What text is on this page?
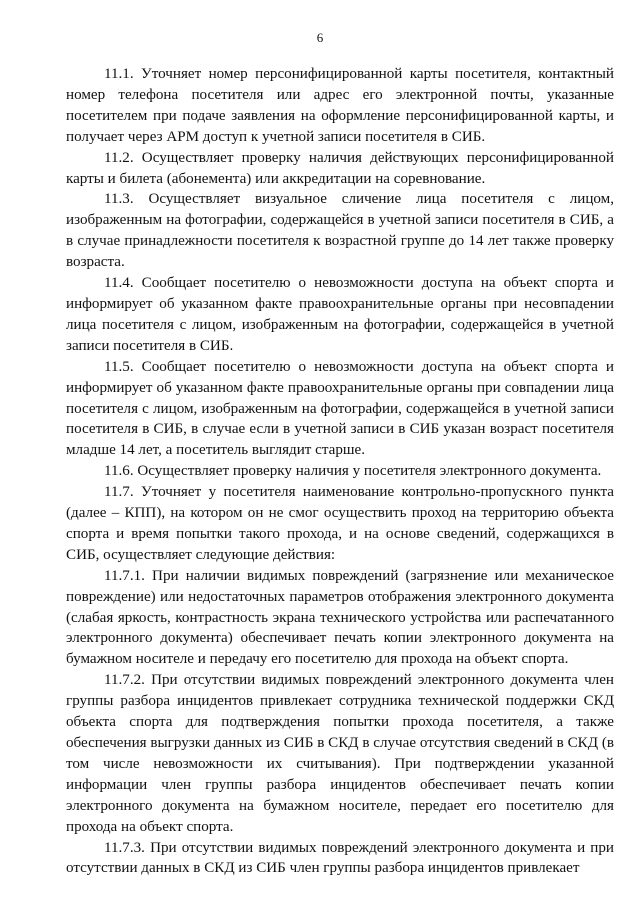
6

11.1. Уточняет номер персонифицированной карты посетителя, контактный номер телефона посетителя или адрес его электронной почты, указанные посетителем при подаче заявления на оформление персонифицированной карты, и получает через АРМ доступ к учетной записи посетителя в СИБ.

11.2. Осуществляет проверку наличия действующих персонифицированной карты и билета (абонемента) или аккредитации на соревнование.

11.3. Осуществляет визуальное сличение лица посетителя с лицом, изображенным на фотографии, содержащейся в учетной записи посетителя в СИБ, а в случае принадлежности посетителя к возрастной группе до 14 лет также проверку возраста.

11.4. Сообщает посетителю о невозможности доступа на объект спорта и информирует об указанном факте правоохранительные органы при несовпадении лица посетителя с лицом, изображенным на фотографии, содержащейся в учетной записи посетителя в СИБ.

11.5. Сообщает посетителю о невозможности доступа на объект спорта и информирует об указанном факте правоохранительные органы при совпадении лица посетителя с лицом, изображенным на фотографии, содержащейся в учетной записи посетителя в СИБ, в случае если в учетной записи в СИБ указан возраст посетителя младше 14 лет, а посетитель выглядит старше.

11.6. Осуществляет проверку наличия у посетителя электронного документа.

11.7. Уточняет у посетителя наименование контрольно-пропускного пункта (далее – КПП), на котором он не смог осуществить проход на территорию объекта спорта и время попытки такого прохода, и на основе сведений, содержащихся в СИБ, осуществляет следующие действия:

11.7.1. При наличии видимых повреждений (загрязнение или механическое повреждение) или недостаточных параметров отображения электронного документа (слабая яркость, контрастность экрана технического устройства или распечатанного электронного документа) обеспечивает печать копии электронного документа на бумажном носителе и передачу его посетителю для прохода на объект спорта.

11.7.2. При отсутствии видимых повреждений электронного документа член группы разбора инцидентов привлекает сотрудника технической поддержки СКД объекта спорта для подтверждения попытки прохода посетителя, а также обеспечения выгрузки данных из СИБ в СКД в случае отсутствия сведений в СКД (в том числе невозможности их считывания). При подтверждении указанной информации член группы разбора инцидентов обеспечивает печать копии электронного документа на бумажном носителе, передает его посетителю для прохода на объект спорта.

11.7.3. При отсутствии видимых повреждений электронного документа и при отсутствии данных в СКД из СИБ член группы разбора инцидентов привлекает
